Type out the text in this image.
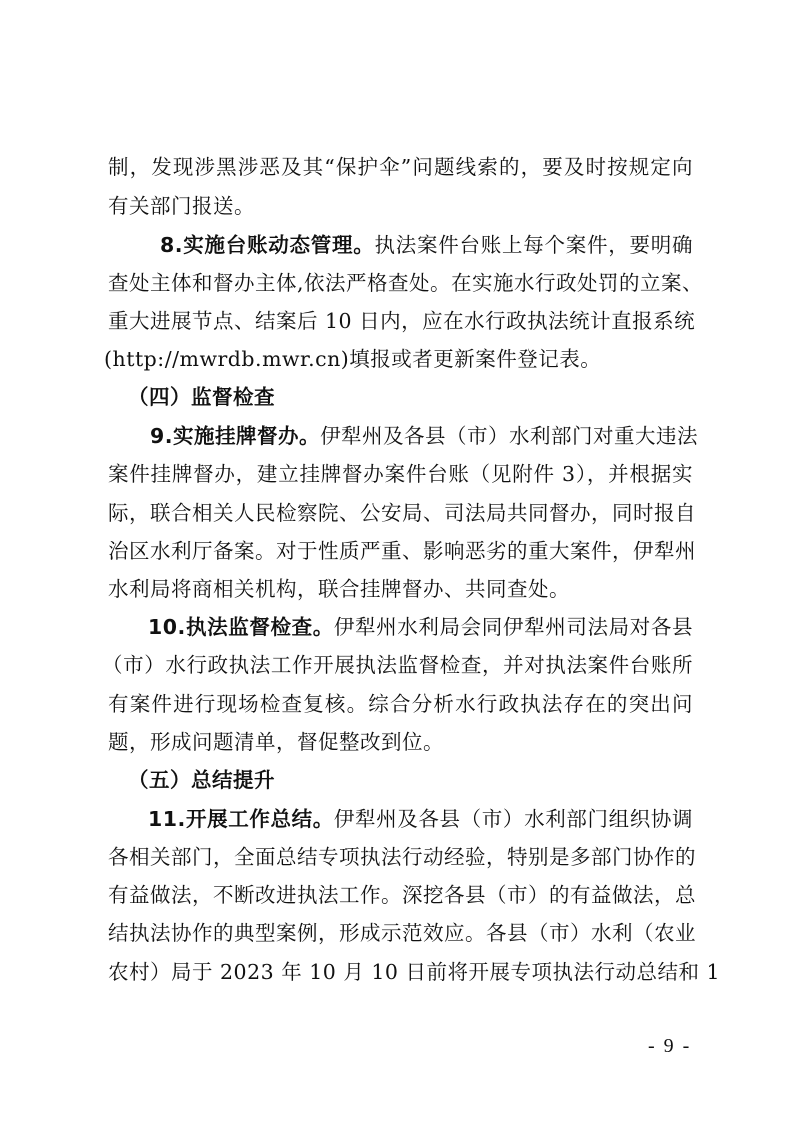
制，发现涉黑涉恶及其“保护伞”问题线索的，要及时按规定向
有关部门报送。
8.实施台账动态管理。执法案件台账上每个案件，要明确
查处主体和督办主体,依法严格查处。在实施水行政处罚的立案、
重大进展节点、结案后 10 日内，应在水行政执法统计直报系统
(http://mwrdb.mwr.cn)填报或者更新案件登记表。
（四）监督检查
9.实施挂牌督办。伊犁州及各县（市）水利部门对重大违法
案件挂牌督办，建立挂牌督办案件台账（见附件 3），并根据实
际，联合相关人民检察院、公安局、司法局共同督办，同时报自
治区水利厅备案。对于性质严重、影响恶劣的重大案件，伊犁州
水利局将商相关机构，联合挂牌督办、共同查处。
10.执法监督检查。伊犁州水利局会同伊犁州司法局对各县
（市）水行政执法工作开展执法监督检查，并对执法案件台账所
有案件进行现场检查复核。综合分析水行政执法存在的突出问
题，形成问题清单，督促整改到位。
（五）总结提升
11.开展工作总结。伊犁州及各县（市）水利部门组织协调
各相关部门，全面总结专项执法行动经验，特别是多部门协作的
有益做法，不断改进执法工作。深挖各县（市）的有益做法，总
结执法协作的典型案例，形成示范效应。各县（市）水利（农业
农村）局于 2023 年 10 月 10 日前将开展专项执法行动总结和 1
- 9 -
